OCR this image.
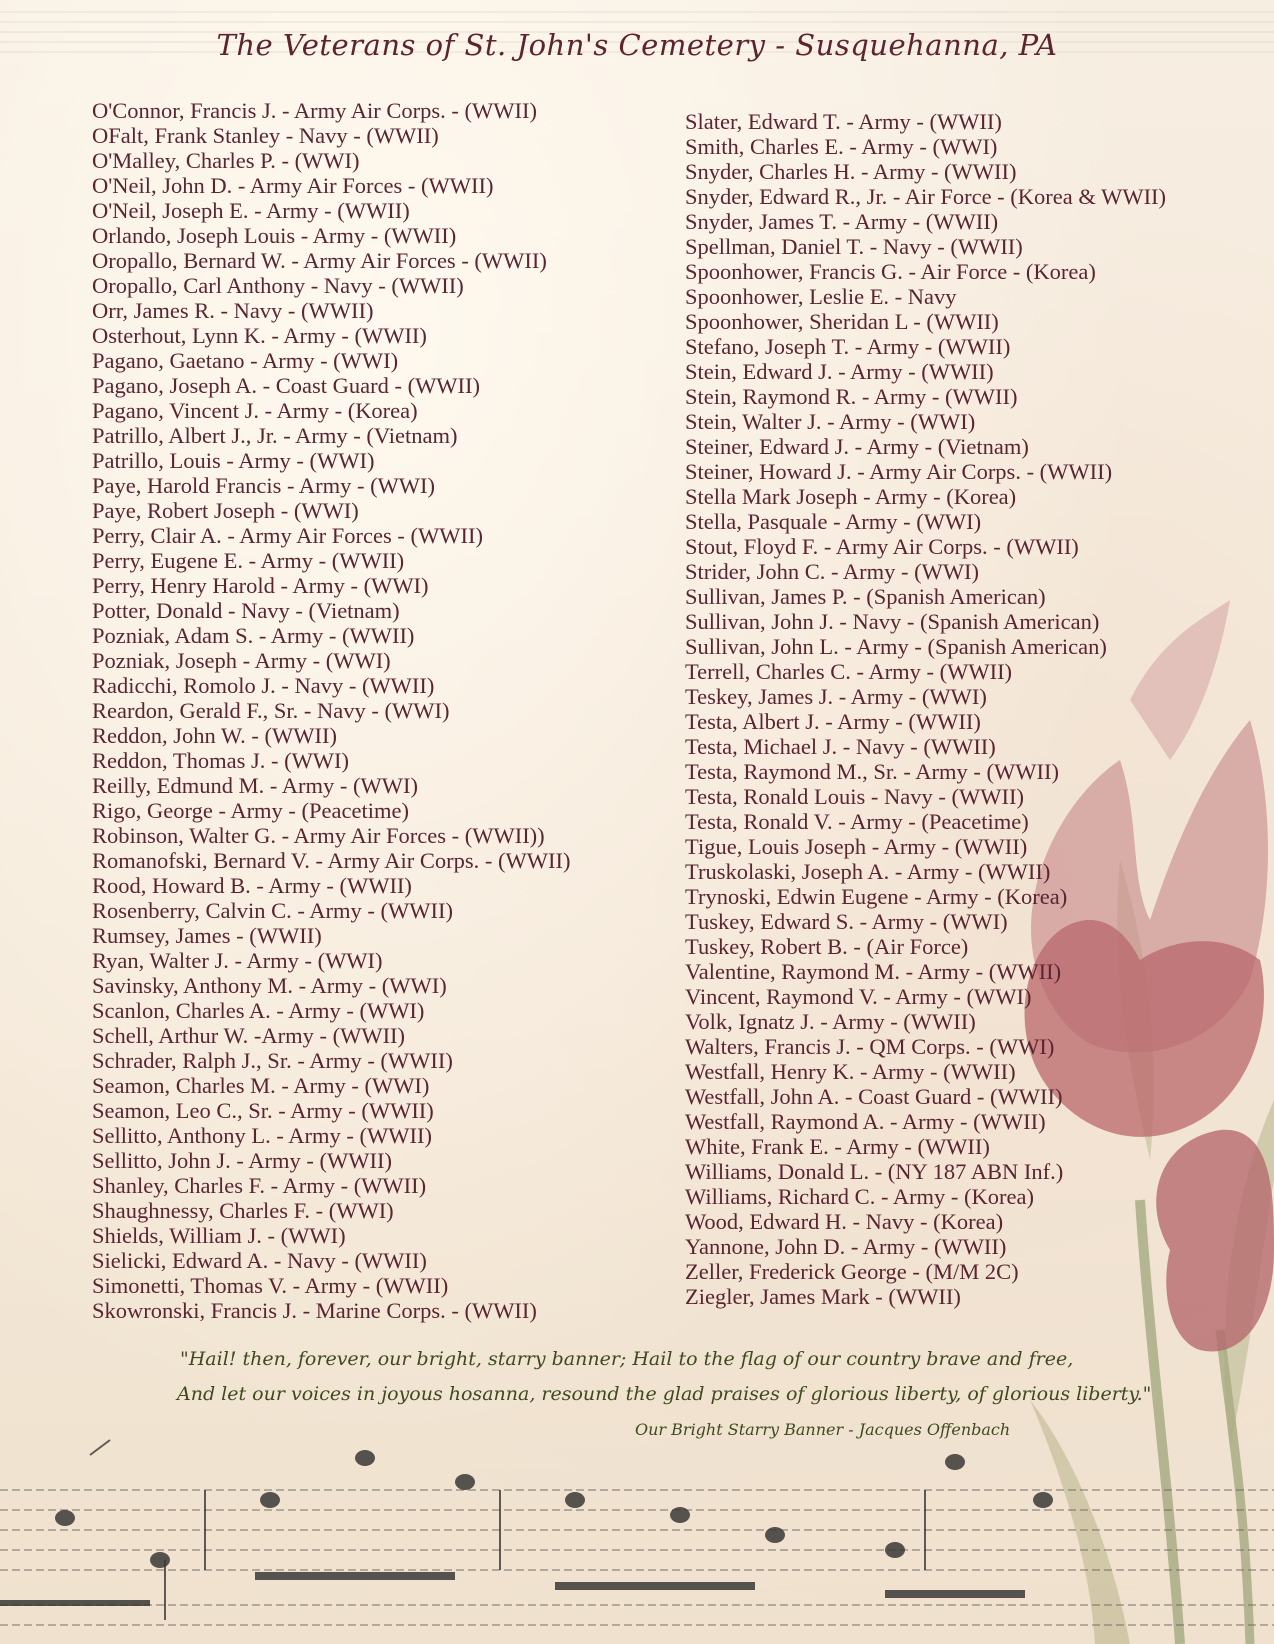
The Veterans of St. John's Cemetery - Susquehanna, PA
O'Connor, Francis J. - Army Air Corps. - (WWII)
OFalt, Frank Stanley - Navy - (WWII)
O'Malley, Charles P. - (WWI)
O'Neil, John D. - Army Air Forces - (WWII)
O'Neil, Joseph E. - Army - (WWII)
Orlando, Joseph Louis - Army - (WWII)
Oropallo, Bernard W. - Army Air Forces - (WWII)
Oropallo, Carl Anthony - Navy - (WWII)
Orr, James R. - Navy - (WWII)
Osterhout, Lynn K. - Army - (WWII)
Pagano, Gaetano - Army - (WWI)
Pagano, Joseph A. - Coast Guard - (WWII)
Pagano, Vincent J. - Army - (Korea)
Patrillo, Albert J., Jr. - Army - (Vietnam)
Patrillo, Louis - Army - (WWI)
Paye, Harold Francis - Army - (WWI)
Paye, Robert Joseph - (WWI)
Perry, Clair A. - Army Air Forces - (WWII)
Perry, Eugene E. - Army - (WWII)
Perry, Henry Harold - Army - (WWI)
Potter, Donald - Navy - (Vietnam)
Pozniak, Adam S. - Army - (WWII)
Pozniak, Joseph - Army - (WWI)
Radicchi, Romolo J. - Navy - (WWII)
Reardon, Gerald F., Sr. - Navy - (WWI)
Reddon, John W. - (WWII)
Reddon, Thomas J. - (WWI)
Reilly, Edmund M. - Army - (WWI)
Rigo, George - Army - (Peacetime)
Robinson, Walter G. - Army Air Forces - (WWII))
Romanofski, Bernard V. - Army Air Corps. - (WWII)
Rood, Howard B. - Army - (WWII)
Rosenberry, Calvin C. - Army - (WWII)
Rumsey, James - (WWII)
Ryan, Walter J. - Army - (WWI)
Savinsky, Anthony M. - Army - (WWI)
Scanlon, Charles A. - Army - (WWI)
Schell, Arthur W. -Army - (WWII)
Schrader, Ralph J., Sr. - Army - (WWII)
Seamon, Charles M. - Army - (WWI)
Seamon, Leo C., Sr. - Army - (WWII)
Sellitto, Anthony L. - Army - (WWII)
Sellitto, John J. - Army - (WWII)
Shanley, Charles F. - Army - (WWII)
Shaughnessy, Charles F. - (WWI)
Shields, William J. - (WWI)
Sielicki, Edward A. - Navy - (WWII)
Simonetti, Thomas V. - Army - (WWII)
Skowronski, Francis J. - Marine Corps. - (WWII)
Slater, Edward T. - Army - (WWII)
Smith, Charles E. - Army - (WWI)
Snyder, Charles H. - Army - (WWII)
Snyder, Edward R., Jr. - Air Force - (Korea & WWII)
Snyder, James T. - Army - (WWII)
Spellman, Daniel T. - Navy - (WWII)
Spoonhower, Francis G. - Air Force - (Korea)
Spoonhower, Leslie E. - Navy
Spoonhower, Sheridan L - (WWII)
Stefano, Joseph T. - Army - (WWII)
Stein, Edward J. - Army - (WWII)
Stein, Raymond R. - Army - (WWII)
Stein, Walter J. - Army - (WWI)
Steiner, Edward J. - Army - (Vietnam)
Steiner, Howard J. - Army Air Corps. - (WWII)
Stella Mark Joseph - Army - (Korea)
Stella, Pasquale - Army - (WWI)
Stout, Floyd F. - Army Air Corps. - (WWII)
Strider, John C. - Army - (WWI)
Sullivan, James P. - (Spanish American)
Sullivan, John J. - Navy - (Spanish American)
Sullivan, John L. - Army - (Spanish American)
Terrell, Charles C. - Army - (WWII)
Teskey, James J. - Army - (WWI)
Testa, Albert J. - Army - (WWII)
Testa, Michael J. - Navy - (WWII)
Testa, Raymond M., Sr. - Army - (WWII)
Testa, Ronald Louis - Navy - (WWII)
Testa, Ronald V. - Army - (Peacetime)
Tigue, Louis Joseph - Army - (WWII)
Truskolaski, Joseph A. - Army - (WWII)
Trynoski, Edwin Eugene - Army - (Korea)
Tuskey, Edward S. - Army - (WWI)
Tuskey, Robert B. - (Air Force)
Valentine, Raymond M. - Army - (WWII)
Vincent, Raymond V. - Army - (WWI)
Volk, Ignatz J. - Army - (WWII)
Walters, Francis J. - QM Corps. - (WWI)
Westfall, Henry K. - Army - (WWII)
Westfall, John A. - Coast Guard - (WWII)
Westfall, Raymond A. - Army - (WWII)
White, Frank E. - Army - (WWII)
Williams, Donald L. - (NY 187 ABN Inf.)
Williams, Richard C. - Army - (Korea)
Wood, Edward H. - Navy - (Korea)
Yannone, John D. - Army - (WWII)
Zeller, Frederick George - (M/M 2C)
Ziegler, James Mark - (WWII)
"Hail! then, forever, our bright, starry banner; Hail to the flag of our country brave and free,
And let our voices in joyous hosanna, resound the glad praises of glorious liberty, of glorious liberty."
Our Bright Starry Banner - Jacques Offenbach
